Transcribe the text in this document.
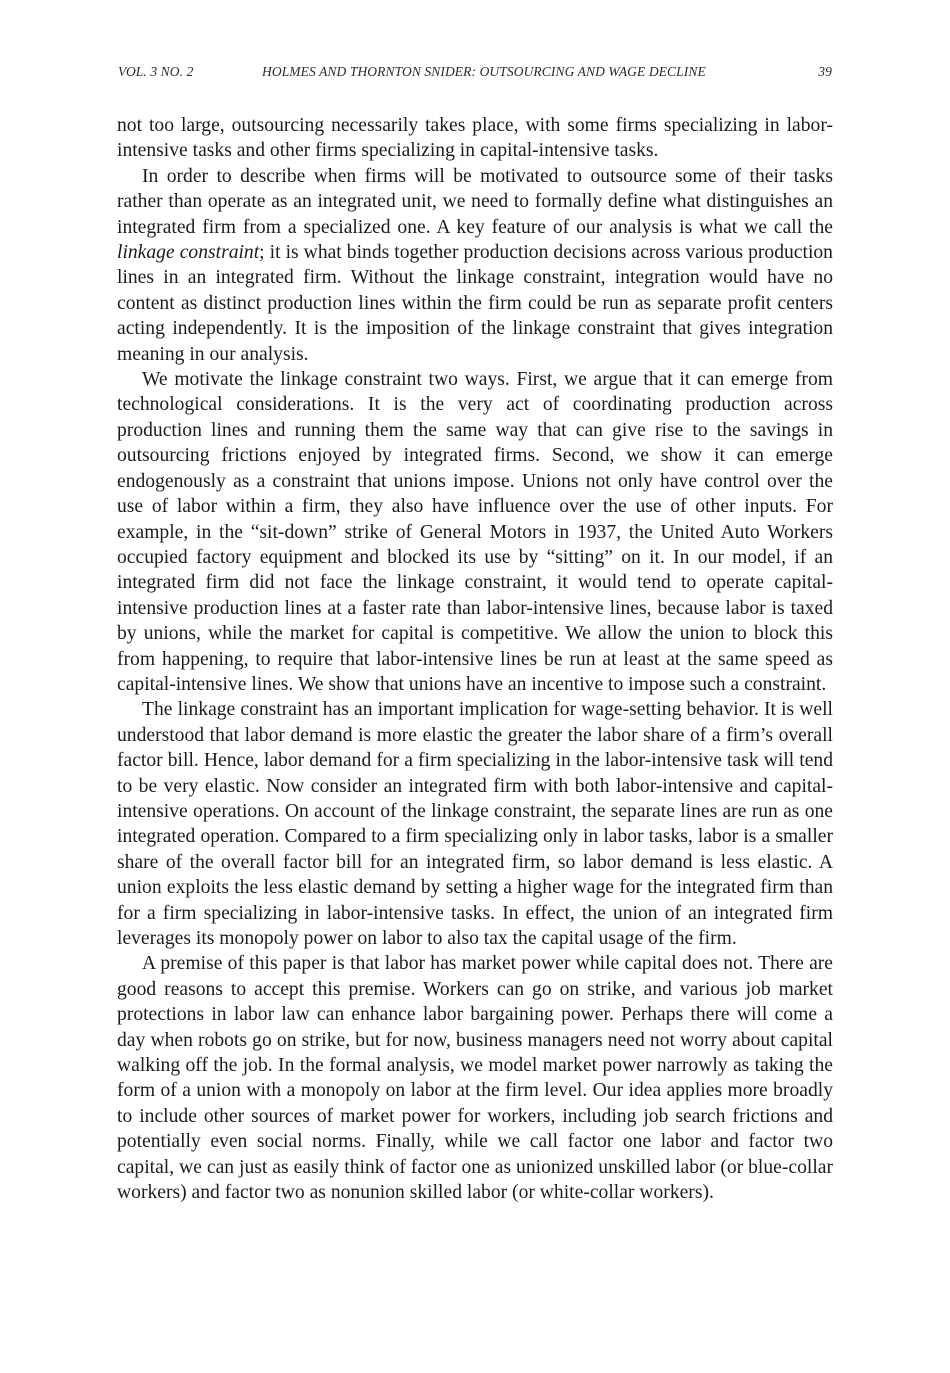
VOL. 3 NO. 2	HOLMES AND THORNTON SNIDER: OUTSOURCING AND WAGE DECLINE	39

not too large, outsourcing necessarily takes place, with some firms specializing in labor-intensive tasks and other firms specializing in capital-intensive tasks.

In order to describe when firms will be motivated to outsource some of their tasks rather than operate as an integrated unit, we need to formally define what distinguishes an integrated firm from a specialized one. A key feature of our analysis is what we call the linkage constraint; it is what binds together production decisions across various production lines in an integrated firm. Without the linkage constraint, integration would have no content as distinct production lines within the firm could be run as separate profit centers acting independently. It is the imposition of the linkage constraint that gives integration meaning in our analysis.

We motivate the linkage constraint two ways. First, we argue that it can emerge from technological considerations. It is the very act of coordinating production across production lines and running them the same way that can give rise to the savings in outsourcing frictions enjoyed by integrated firms. Second, we show it can emerge endogenously as a constraint that unions impose. Unions not only have control over the use of labor within a firm, they also have influence over the use of other inputs. For example, in the “sit-down” strike of General Motors in 1937, the United Auto Workers occupied factory equipment and blocked its use by “sitting” on it. In our model, if an integrated firm did not face the linkage constraint, it would tend to operate capital-intensive production lines at a faster rate than labor-intensive lines, because labor is taxed by unions, while the market for capital is competitive. We allow the union to block this from happening, to require that labor-intensive lines be run at least at the same speed as capital-intensive lines. We show that unions have an incentive to impose such a constraint.

The linkage constraint has an important implication for wage-setting behavior. It is well understood that labor demand is more elastic the greater the labor share of a firm’s overall factor bill. Hence, labor demand for a firm specializing in the labor-intensive task will tend to be very elastic. Now consider an integrated firm with both labor-intensive and capital-intensive operations. On account of the linkage constraint, the separate lines are run as one integrated operation. Compared to a firm specializing only in labor tasks, labor is a smaller share of the overall factor bill for an integrated firm, so labor demand is less elastic. A union exploits the less elastic demand by setting a higher wage for the integrated firm than for a firm specializing in labor-intensive tasks. In effect, the union of an integrated firm leverages its monopoly power on labor to also tax the capital usage of the firm.

A premise of this paper is that labor has market power while capital does not. There are good reasons to accept this premise. Workers can go on strike, and various job market protections in labor law can enhance labor bargaining power. Perhaps there will come a day when robots go on strike, but for now, business managers need not worry about capital walking off the job. In the formal analysis, we model market power narrowly as taking the form of a union with a monopoly on labor at the firm level. Our idea applies more broadly to include other sources of market power for workers, including job search frictions and potentially even social norms. Finally, while we call factor one labor and factor two capital, we can just as easily think of factor one as unionized unskilled labor (or blue-collar workers) and factor two as nonunion skilled labor (or white-collar workers).
